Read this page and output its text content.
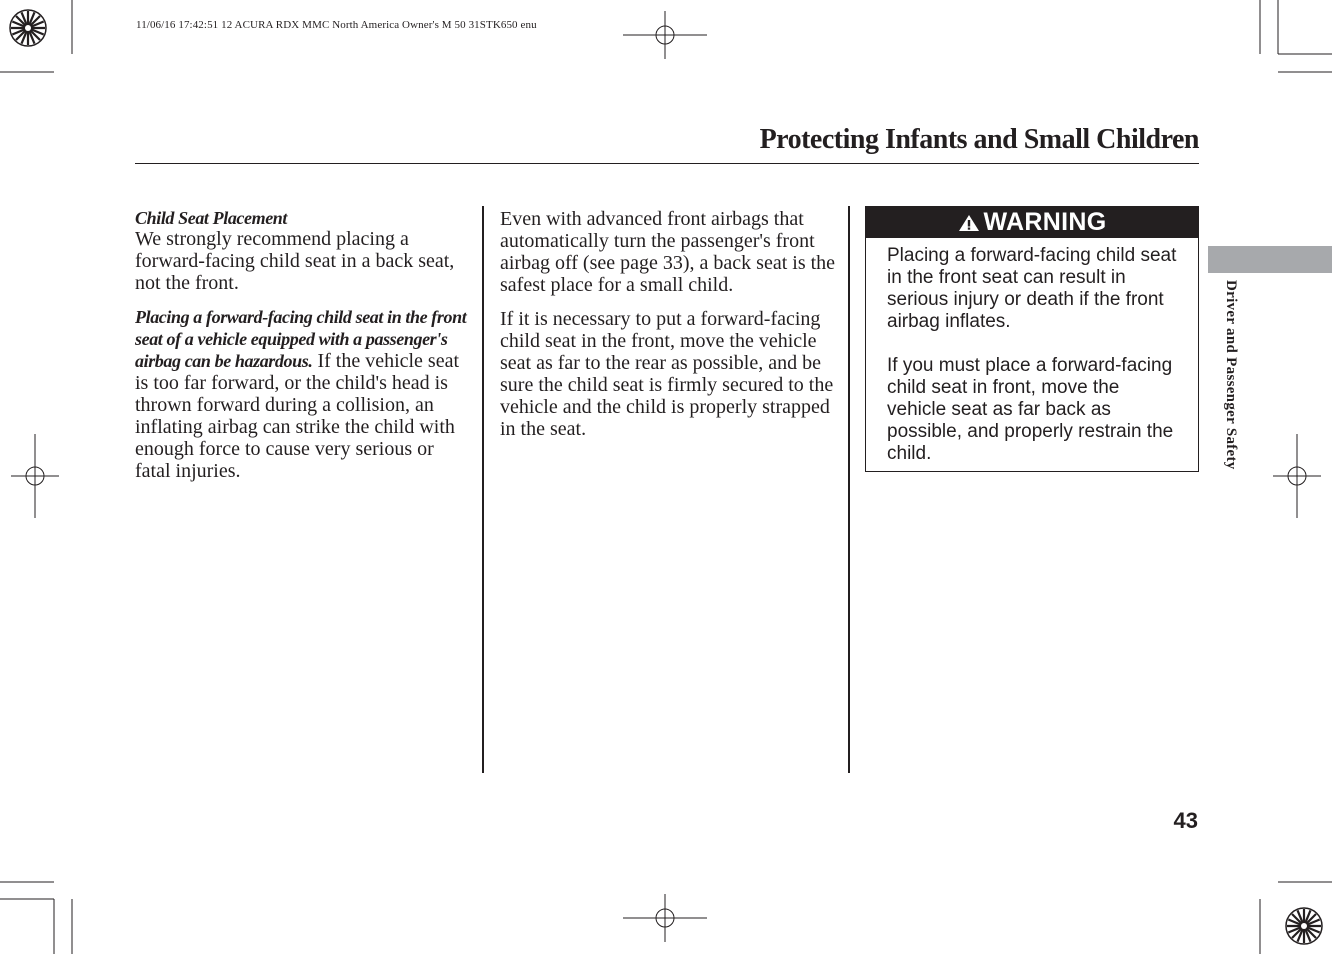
11/06/16 17:42:51 12 ACURA RDX MMC North America Owner's M 50 31STK650 enu
Protecting Infants and Small Children
Child Seat Placement

We strongly recommend placing a forward-facing child seat in a back seat, not the front.

Placing a forward-facing child seat in the front seat of a vehicle equipped with a passenger's airbag can be hazardous. If the vehicle seat is too far forward, or the child's head is thrown forward during a collision, an inflating airbag can strike the child with enough force to cause very serious or fatal injuries.

Even with advanced front airbags that automatically turn the passenger's front airbag off (see page 33), a back seat is the safest place for a small child.

If it is necessary to put a forward-facing child seat in the front, move the vehicle seat as far to the rear as possible, and be sure the child seat is firmly secured to the vehicle and the child is properly strapped in the seat.

WARNING

Placing a forward-facing child seat in the front seat can result in serious injury or death if the front airbag inflates.

If you must place a forward-facing child seat in front, move the vehicle seat as far back as possible, and properly restrain the child.	Driver and Passenger Safety
43
